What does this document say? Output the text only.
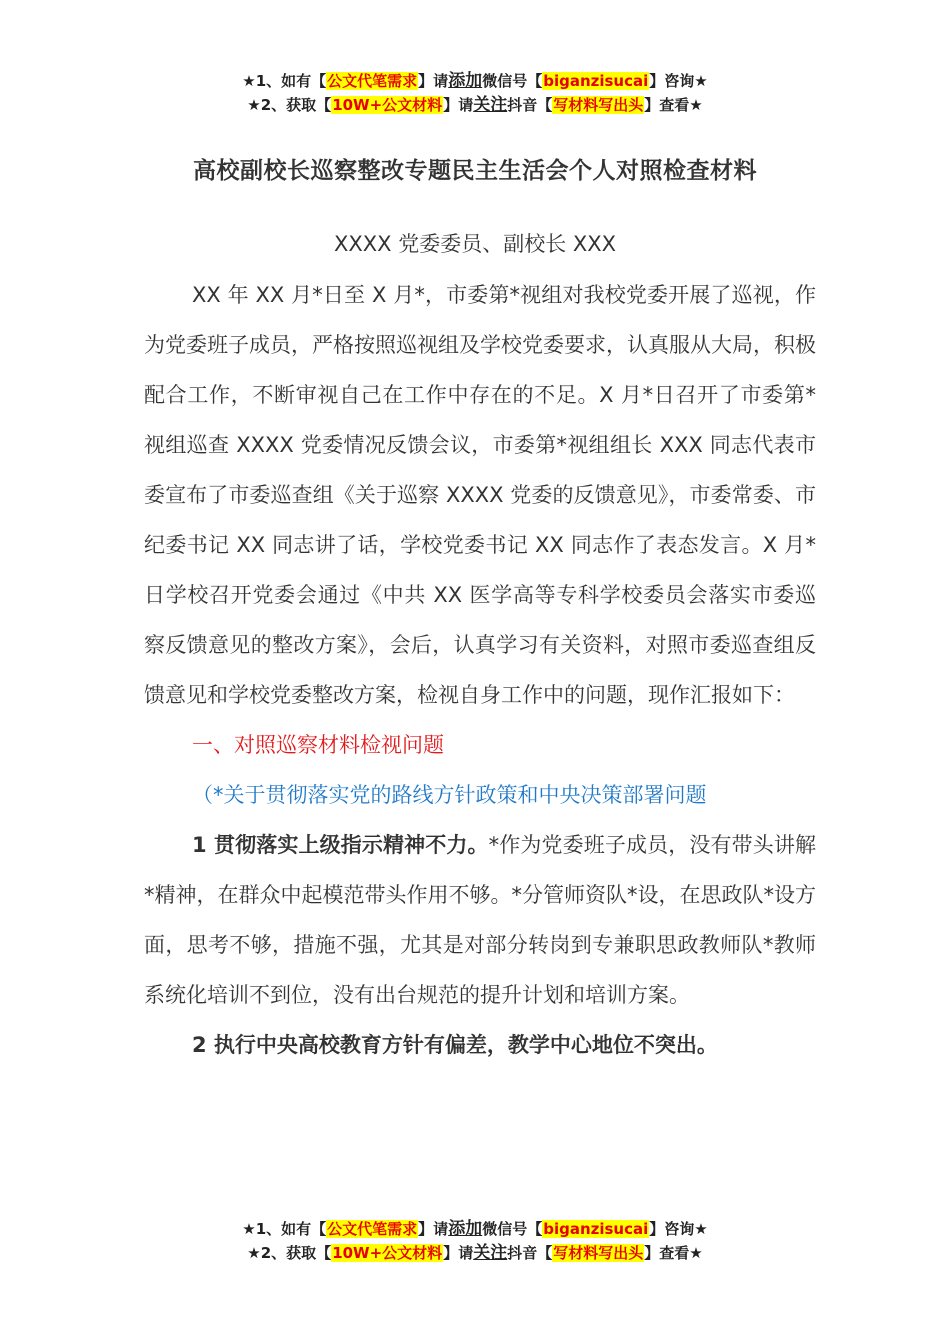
★1、如有【公文代笔需求】请添加微信号【biganzisucai】咨询★
★2、获取【10W+公文材料】请关注抖音【写材料写出头】查看★
高校副校长巡察整改专题民主生活会个人对照检查材料
XXXX 党委委员、副校长 XXX

XX 年 XX 月*日至 X 月*，市委第*视组对我校党委开展了巡视，作为党委班子成员，严格按照巡视组及学校党委要求，认真服从大局，积极配合工作，不断审视自己在工作中存在的不足。X 月*日召开了市委第*视组巡查 XXXX 党委情况反馈会议，市委第*视组组长 XXX 同志代表市委宣布了市委巡查组《关于巡察 XXXX 党委的反馈意见》，市委常委、市纪委书记 XX 同志讲了话，学校党委书记 XX 同志作了表态发言。X 月*日学校召开党委会通过《中共 XX 医学高等专科学校委员会落实市委巡察反馈意见的整改方案》，会后，认真学习有关资料，对照市委巡查组反馈意见和学校党委整改方案，检视自身工作中的问题，现作汇报如下：

一、对照巡察材料检视问题

（*关于贯彻落实党的路线方针政策和中央决策部署问题

1 贯彻落实上级指示精神不力。*作为党委班子成员，没有带头讲解*精神，在群众中起模范带头作用不够。*分管师资队*设，在思政队*设方面，思考不够，措施不强，尤其是对部分转岗到专兼职思政教师队*教师系统化培训不到位，没有出台规范的提升计划和培训方案。

2 执行中央高校教育方针有偏差，教学中心地位不突出。

★1、如有【公文代笔需求】请添加微信号【biganzisucai】咨询★
★2、获取【10W+公文材料】请关注抖音【写材料写出头】查看★
